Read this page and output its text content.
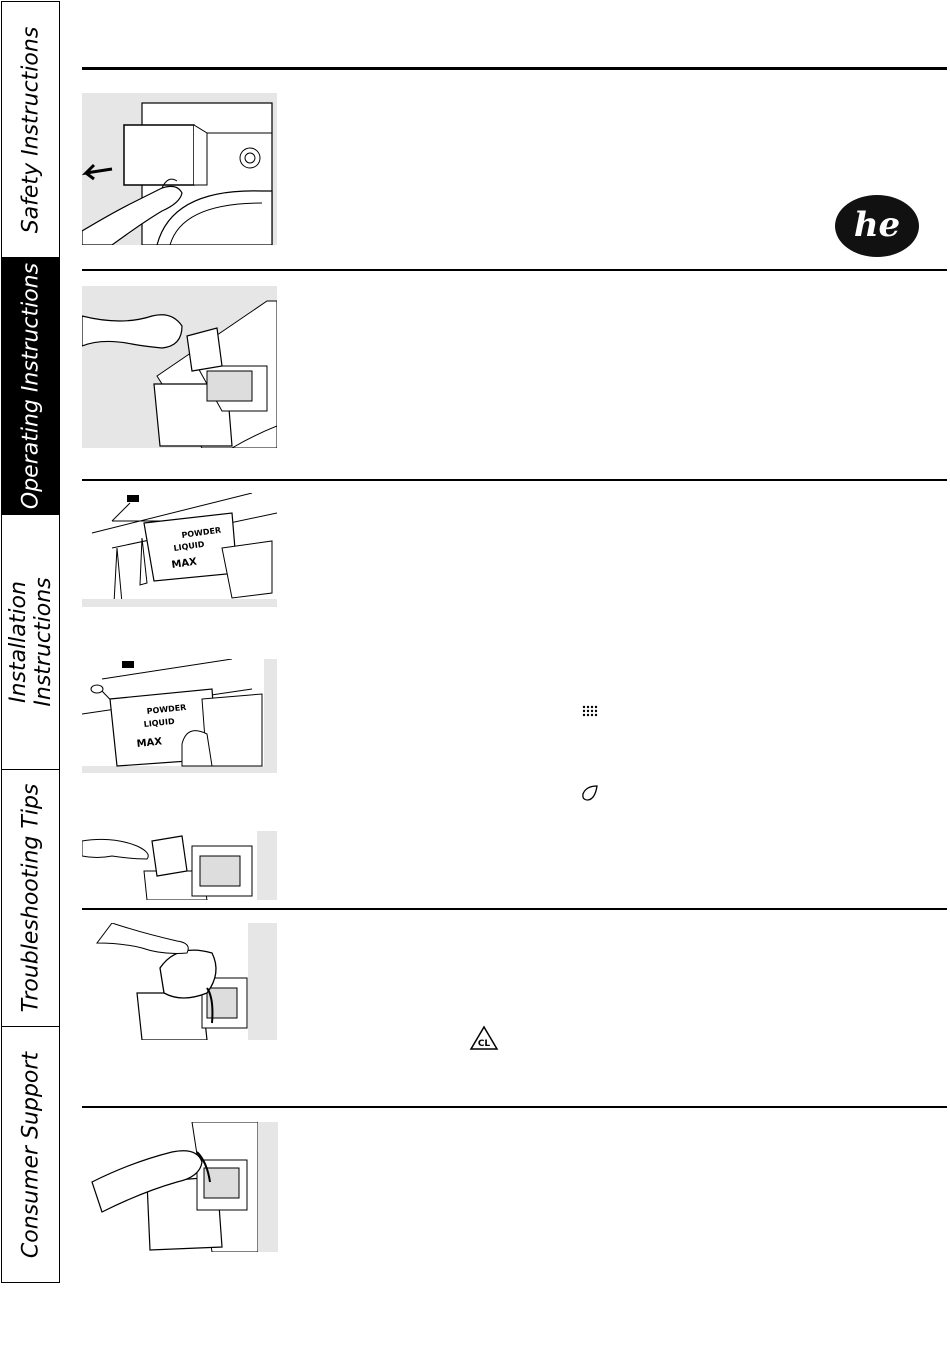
Safety Instructions
Operating Instructions
Installation Instructions
Troubleshooting Tips
Consumer Support
he
POWDER
LIQUID
MAX
POWDER
LIQUID
MAX
CL
